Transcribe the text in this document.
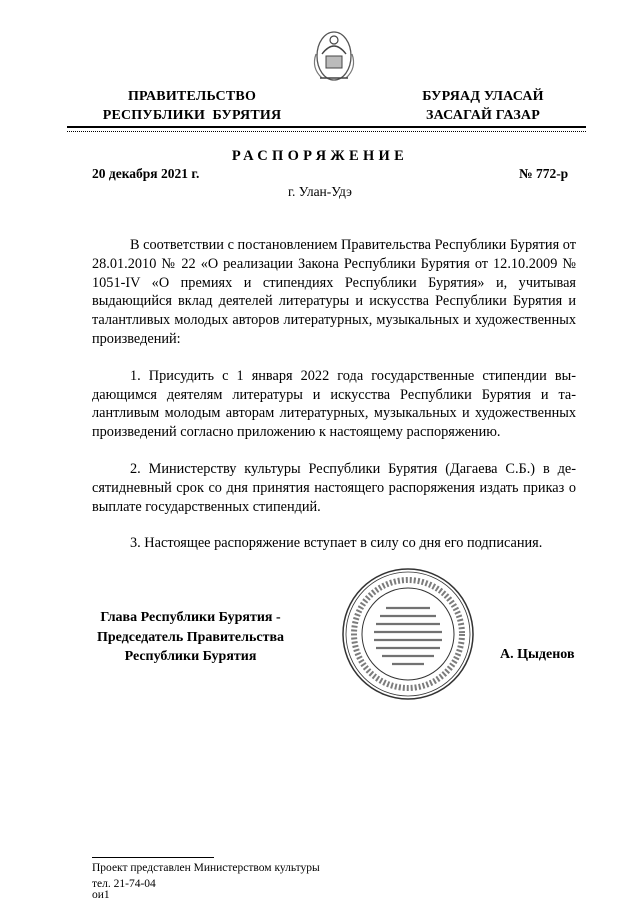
ПРАВИТЕЛЬСТВО
РЕСПУБЛИКИ  БУРЯТИЯ
БУРЯАД УЛАСАЙ
ЗАСАГАЙ ГАЗАР
РАСПОРЯЖЕНИЕ
20 декабря 2021 г.	№ 772-р
г. Улан-Удэ

В соответствии с постановлением Правительства Республики Бурятия от 28.01.2010 № 22 «О реализации Закона Республики Бурятия от 12.10.2009 № 1051-IV «О премиях и стипендиях Республики Бурятия» и, учитывая выдающийся вклад деятелей литературы и искусства Республики Бурятия и талантливых молодых авторов литературных, музыкальных и художественных произведений:

1. Присудить с 1 января 2022 года государственные стипендии выдающимся деятелям литературы и искусства Республики Бурятия и талантливым молодым авторам литературных, музыкальных и художественных произведений согласно приложению к настоящему распоряжению.

2. Министерству культуры Республики Бурятия (Дагаева С.Б.) в десятидневный срок со дня принятия настоящего распоряжения издать приказ о выплате государственных стипендий.

3. Настоящее распоряжение вступает в силу со дня его подписания.

Глава Республики Бурятия -
Председатель Правительства
Республики Бурятия	А. Цыденов
Проект представлен Министерством культуры
тел. 21-74-04
ои1
